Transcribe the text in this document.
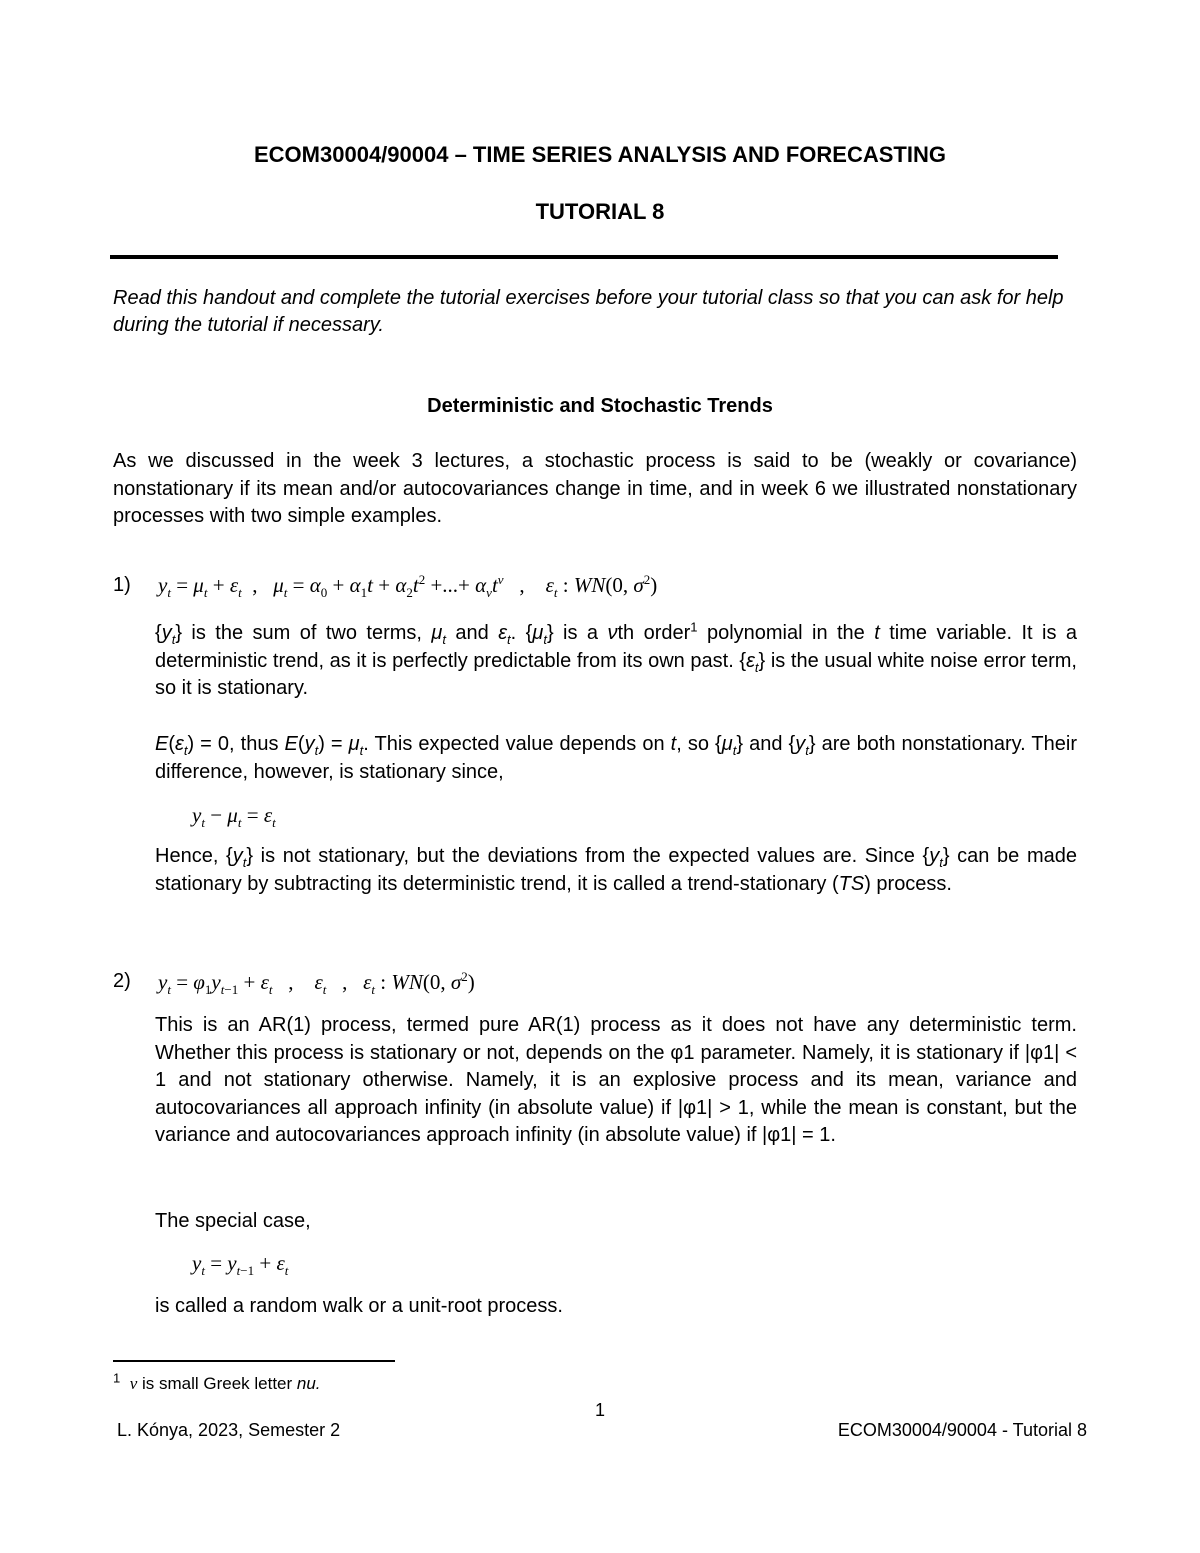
ECOM30004/90004 – TIME SERIES ANALYSIS AND FORECASTING
TUTORIAL 8
Read this handout and complete the tutorial exercises before your tutorial class so that you can ask for help during the tutorial if necessary.
Deterministic and Stochastic Trends

As we discussed in the week 3 lectures, a stochastic process is said to be (weakly or covariance) nonstationary if its mean and/or autocovariances change in time, and in week 6 we illustrated nonstationary processes with two simple examples.

1) $y_t = \mu_t + \varepsilon_t$  ,   $\mu_t = \alpha_0 + \alpha_1t + \alpha_2t^2$ +...+ $\alpha_\nu t^\nu$   ,    $\varepsilon_t$ : WN(0, $\sigma^2$)

$\{y_t\}$ is the sum of two terms, $\mu_t$ and $\varepsilon_t$. $\{\mu_t\}$ is a νth order$^1$ polynomial in the t time variable. It is a deterministic trend, as it is perfectly predictable from its own past. $\{\varepsilon_t\}$ is the usual white noise error term, so it is stationary.

$E(\varepsilon_t) = 0$, thus $E(y_t) = \mu_t$. This expected value depends on t, so $\{\mu_t\}$ and $\{y_t\}$ are both nonstationary. Their difference, however, is stationary since,

$y_t - \mu_t = \varepsilon_t$

Hence, $\{y_t\}$ is not stationary, but the deviations from the expected values are. Since $\{y_t\}$ can be made stationary by subtracting its deterministic trend, it is called a trend-stationary (TS) process.

2) $y_t = \varphi_1y_{t-1} + \varepsilon_t$   ,    $\varepsilon_t$   ,   $\varepsilon_t$ : WN(0, $\sigma^2$)

This is an AR(1) process, termed pure AR(1) process as it does not have any deterministic term. Whether this process is stationary or not, depends on the φ1 parameter. Namely, it is stationary if |φ1| < 1 and not stationary otherwise. Namely, it is an explosive process and its mean, variance and autocovariances all approach infinity (in absolute value) if |φ1| > 1, while the mean is constant, but the variance and autocovariances approach infinity (in absolute value) if |φ1| = 1.

The special case,

$y_t = y_{t-1} + \varepsilon_t$

is called a random walk or a unit-root process.

$^1$ ν is small Greek letter nu.
1
L. Kónya, 2023, Semester 2	ECOM30004/90004 - Tutorial 8
